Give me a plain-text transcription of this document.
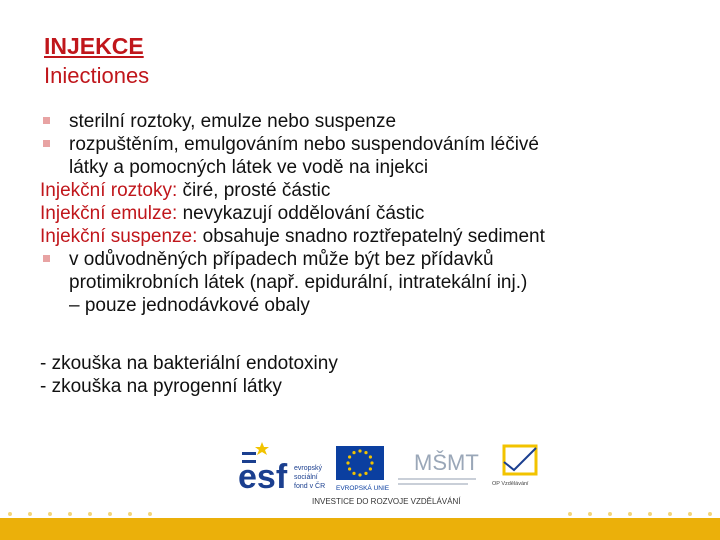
INJEKCE
Iniectiones
sterilní roztoky, emulze nebo suspenze
rozpuštěním, emulgováním nebo suspendováním léčivé
látky a pomocných látek ve vodě na injekci
Injekční roztoky: čiré, prosté částic
Injekční emulze: nevykazují oddělování částic
Injekční suspenze: obsahuje snadno roztřepatelný sediment
v odůvodněných případech může být bez přídavků
protimikrobních látek (např. epidurální, intratekální inj.)
– pouze jednodávkové obaly
- zkouška na bakteriální endotoxiny
- zkouška na pyrogenní látky
esf evropský
sociální
fond v ČR EVROPSKÁ UNIE
MŠMT
OP Vzdělávání
INVESTICE DO ROZVOJE VZDĚLÁVÁNÍ
